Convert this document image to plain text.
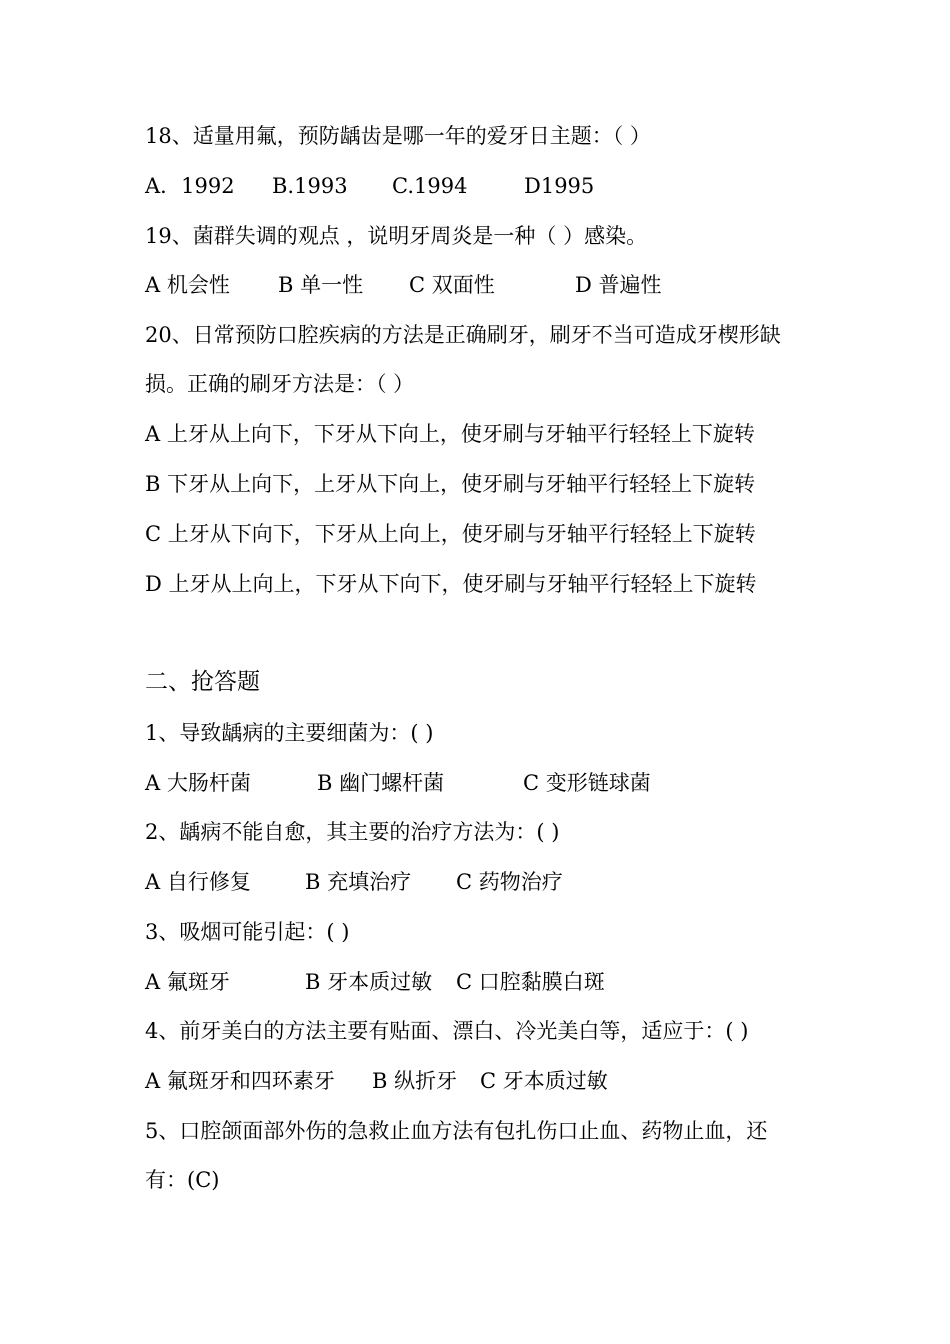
18、适量用氟，预防龋齿是哪一年的爱牙日主题：（ ）
A．1992 B.1993 C.1994	D1995
19、菌群失调的观点 ，说明牙周炎是一种（ ）感染。
A 机会性 B 单一性 C 双面性	D 普遍性
20、日常预防口腔疾病的方法是正确刷牙，刷牙不当可造成牙楔形缺
损。正确的刷牙方法是：（ ）
A 上牙从上向下，下牙从下向上，使牙刷与牙轴平行轻轻上下旋转
B 下牙从上向下，上牙从下向上，使牙刷与牙轴平行轻轻上下旋转
C 上牙从下向下，下牙从上向上，使牙刷与牙轴平行轻轻上下旋转
D 上牙从上向上，下牙从下向下，使牙刷与牙轴平行轻轻上下旋转
二、抢答题
1、导致龋病的主要细菌为：( )
A 大肠杆菌	B 幽门螺杆菌	C 变形链球菌
2、龋病不能自愈，其主要的治疗方法为：( )
A 自行修复	B 充填治疗 C 药物治疗
3、吸烟可能引起：( )
A 氟斑牙	B 牙本质过敏 C 口腔黏膜白斑
4、前牙美白的方法主要有贴面、漂白、冷光美白等，适应于：( )
A 氟斑牙和四环素牙 B 纵折牙 C 牙本质过敏
5、口腔颌面部外伤的急救止血方法有包扎伤口止血、药物止血，还
有：(C)
